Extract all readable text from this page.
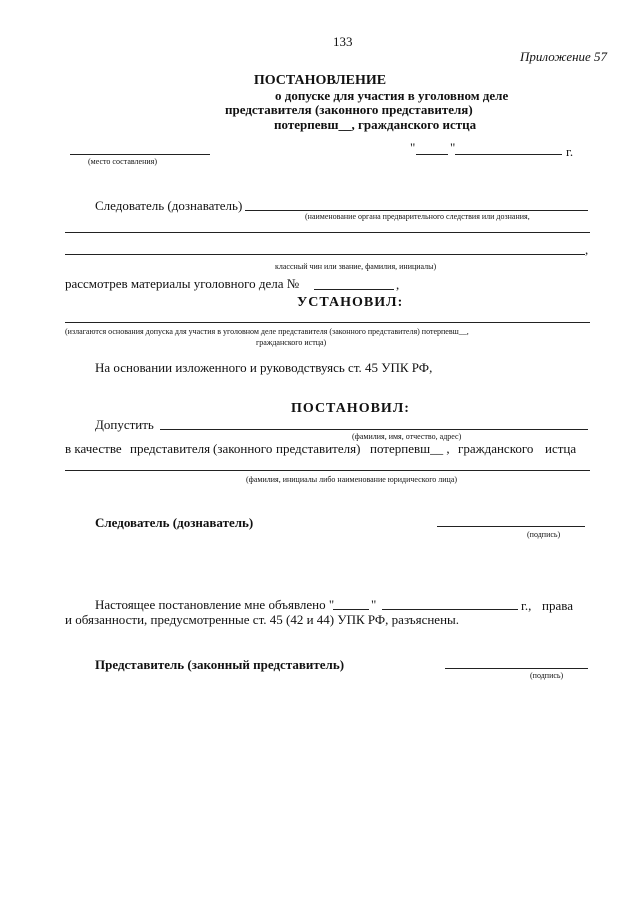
133
Приложение 57
ПОСТАНОВЛЕНИЕ
о допуске для участия в уголовном деле
представителя (законного представителя)
потерпевш__, гражданского истца
(место составления)
"	"	г.
Следователь (дознаватель)
(наименование органа предварительного следствия или дознания,
,
классный чин или звание, фамилия, инициалы)
рассмотрев материалы уголовного дела №	,
УСТАНОВИЛ:
(излагаются основания допуска для участия в уголовном деле представителя (законного представителя) потерпевш__,
гражданского истца)
На основании изложенного и руководствуясь ст. 45 УПК РФ,
ПОСТАНОВИЛ:
Допустить
(фамилия, имя, отчество, адрес)
в качестве представителя (законного представителя) потерпевш__ , гражданского истца
(фамилия, инициалы либо наименование юридического лица)
Следователь (дознаватель)
(подпись)
Настоящее постановление мне объявлено "	"	г., права
и обязанности, предусмотренные ст. 45 (42 и 44) УПК РФ, разъяснены.
Представитель (законный представитель)
(подпись)
